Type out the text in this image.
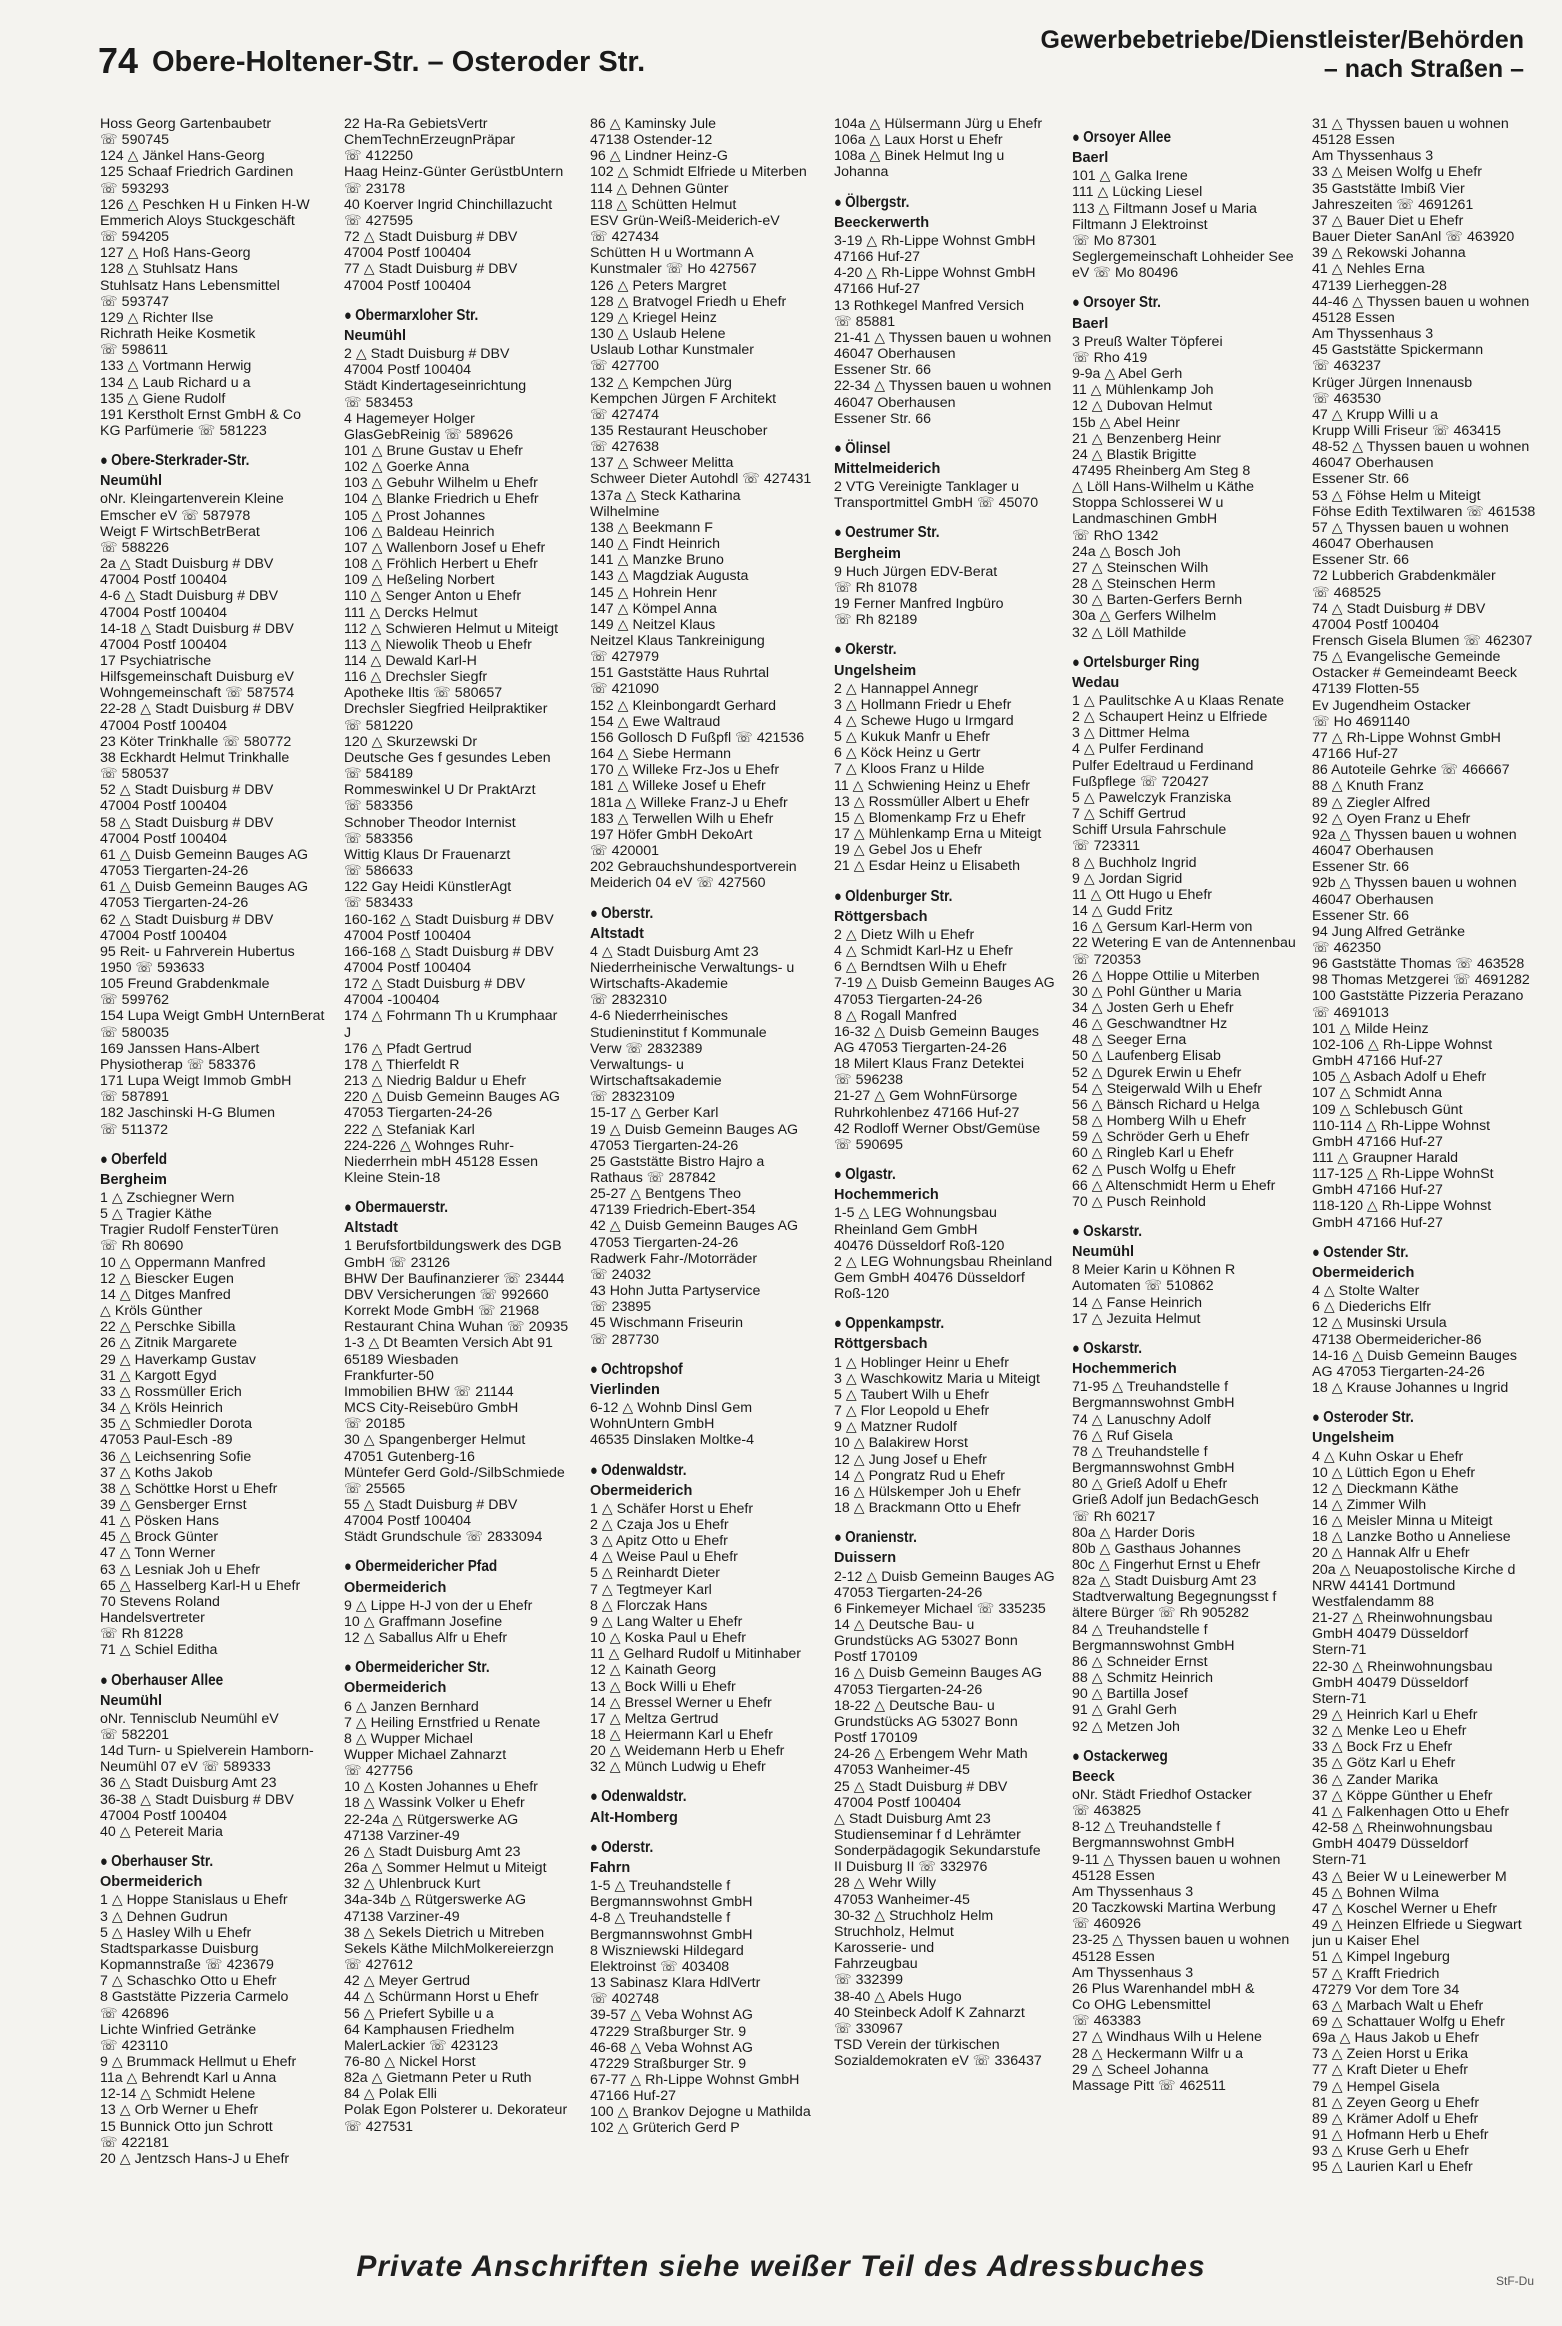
74 Obere-Holtener-Str. – Osteroder Str.
Gewerbebetriebe/Dienstleister/Behörden
– nach Straßen –
Hoss Georg Gartenbaubetr
☏ 590745
124 △ Jänkel Hans-Georg
125 Schaaf Friedrich Gardinen
☏ 593293
126 △ Peschken H u Finken H-W
Emmerich Aloys Stuckgeschäft
☏ 594205
127 △ Hoß Hans-Georg
128 △ Stuhlsatz Hans
Stuhlsatz Hans Lebensmittel
☏ 593747
129 △ Richter Ilse
Richrath Heike Kosmetik
☏ 598611
133 △ Vortmann Herwig
134 △ Laub Richard u a
135 △ Giene Rudolf
191 Kerstholt Ernst GmbH & Co
KG Parfümerie ☏ 581223
● Obere-Sterkrader-Str.
Neumühl
oNr. Kleingartenverein Kleine
Emscher eV ☏ 587978
Weigt F WirtschBetrBerat
☏ 588226
2a △ Stadt Duisburg # DBV
47004 Postf 100404
4-6 △ Stadt Duisburg # DBV
47004 Postf 100404
14-18 △ Stadt Duisburg # DBV
47004 Postf 100404
17 Psychiatrische
Hilfsgemeinschaft Duisburg eV
Wohngemeinschaft ☏ 587574
22-28 △ Stadt Duisburg # DBV
47004 Postf 100404
23 Köter Trinkhalle ☏ 580772
38 Eckhardt Helmut Trinkhalle
☏ 580537
52 △ Stadt Duisburg # DBV
47004 Postf 100404
58 △ Stadt Duisburg # DBV
47004 Postf 100404
61 △ Duisb Gemeinn Bauges AG
47053 Tiergarten-24-26
61 △ Duisb Gemeinn Bauges AG
47053 Tiergarten-24-26
62 △ Stadt Duisburg # DBV
47004 Postf 100404
95 Reit- u Fahrverein Hubertus
1950 ☏ 593633
105 Freund Grabdenkmale
☏ 599762
154 Lupa Weigt GmbH UnternBerat
☏ 580035
169 Janssen Hans-Albert
Physiotherap ☏ 583376
171 Lupa Weigt Immob GmbH
☏ 587891
182 Jaschinski H-G Blumen
☏ 511372
● Oberfeld
Bergheim
1 △ Zschiegner Wern
5 △ Tragier Käthe
Tragier Rudolf FensterTüren
☏ Rh 80690
10 △ Oppermann Manfred
12 △ Biescker Eugen
14 △ Ditges Manfred
△ Kröls Günther
22 △ Perschke Sibilla
26 △ Zitnik Margarete
29 △ Haverkamp Gustav
31 △ Kargott Egyd
33 △ Rossmüller Erich
34 △ Kröls Heinrich
35 △ Schmiedler Dorota
47053 Paul-Esch -89
36 △ Leichsenring Sofie
37 △ Koths Jakob
38 △ Schöttke Horst u Ehefr
39 △ Gensberger Ernst
41 △ Pösken Hans
45 △ Brock Günter
47 △ Tonn Werner
63 △ Lesniak Joh u Ehefr
65 △ Hasselberg Karl-H u Ehefr
70 Stevens Roland Handelsvertreter
☏ Rh 81228
71 △ Schiel Editha
● Oberhauser Allee
Neumühl
oNr. Tennisclub Neumühl eV
☏ 582201
14d Turn- u Spielverein Hamborn-
Neumühl 07 eV ☏ 589333
36 △ Stadt Duisburg Amt 23
36-38 △ Stadt Duisburg # DBV
47004 Postf 100404
40 △ Petereit Maria
● Oberhauser Str.
Obermeiderich
1 △ Hoppe Stanislaus u Ehefr
3 △ Dehnen Gudrun
5 △ Hasley Wilh u Ehefr
Stadtsparkasse Duisburg
Kopmannstraße ☏ 423679
7 △ Schaschko Otto u Ehefr
8 Gaststätte Pizzeria Carmelo
☏ 426896
Lichte Winfried Getränke
☏ 423110
9 △ Brummack Hellmut u Ehefr
11a △ Behrendt Karl u Anna
12-14 △ Schmidt Helene
13 △ Orb Werner u Ehefr
15 Bunnick Otto jun Schrott
☏ 422181
20 △ Jentzsch Hans-J u Ehefr
22 Ha-Ra GebietsVertr
ChemTechnErzeugnPräpar
☏ 412250
Haag Heinz-Günter GerüstbUntern
☏ 23178
40 Koerver Ingrid Chinchillazucht
☏ 427595
72 △ Stadt Duisburg # DBV
47004 Postf 100404
77 △ Stadt Duisburg # DBV
47004 Postf 100404
● Obermarxloher Str.
Neumühl
2 △ Stadt Duisburg # DBV
47004 Postf 100404
Städt Kindertageseinrichtung
☏ 583453
4 Hagemeyer Holger
GlasGebReinig ☏ 589626
101 △ Brune Gustav u Ehefr
102 △ Goerke Anna
103 △ Gebuhr Wilhelm u Ehefr
104 △ Blanke Friedrich u Ehefr
105 △ Prost Johannes
106 △ Baldeau Heinrich
107 △ Wallenborn Josef u Ehefr
108 △ Fröhlich Herbert u Ehefr
109 △ Heßeling Norbert
110 △ Senger Anton u Ehefr
111 △ Dercks Helmut
112 △ Schwieren Helmut u Miteigt
113 △ Niewolik Theob u Ehefr
114 △ Dewald Karl-H
116 △ Drechsler Siegfr
Apotheke Iltis ☏ 580657
Drechsler Siegfried Heilpraktiker
☏ 581220
120 △ Skurzewski Dr
Deutsche Ges f gesundes Leben
☏ 584189
Rommeswinkel U Dr PraktArzt
☏ 583356
Schnober Theodor Internist
☏ 583356
Wittig Klaus Dr Frauenarzt
☏ 586633
122 Gay Heidi KünstlerAgt
☏ 583433
160-162 △ Stadt Duisburg # DBV
47004 Postf 100404
166-168 △ Stadt Duisburg # DBV
47004 Postf 100404
172 △ Stadt Duisburg # DBV
47004 -100404
174 △ Fohrmann Th u Krumphaar
J
176 △ Pfadt Gertrud
178 △ Thierfeldt R
213 △ Niedrig Baldur u Ehefr
220 △ Duisb Gemeinn Bauges AG
47053 Tiergarten-24-26
222 △ Stefaniak Karl
224-226 △ Wohnges Ruhr-
Niederrhein mbH 45128 Essen
Kleine Stein-18
● Obermauerstr.
Altstadt
1 Berufsfortbildungswerk des DGB
GmbH ☏ 23126
BHW Der Baufinanzierer ☏ 23444
DBV Versicherungen ☏ 992660
Korrekt Mode GmbH ☏ 21968
Restaurant China Wuhan ☏ 20935
1-3 △ Dt Beamten Versich Abt 91
65189 Wiesbaden
Frankfurter-50
Immobilien BHW ☏ 21144
MCS City-Reisebüro GmbH
☏ 20185
30 △ Spangenberger Helmut
47051 Gutenberg-16
Müntefer Gerd Gold-/SilbSchmiede
☏ 25565
55 △ Stadt Duisburg # DBV
47004 Postf 100404
Städt Grundschule ☏ 2833094
● Obermeidericher Pfad
Obermeiderich
9 △ Lippe H-J von der u Ehefr
10 △ Graffmann Josefine
12 △ Saballus Alfr u Ehefr
● Obermeidericher Str.
Obermeiderich
6 △ Janzen Bernhard
7 △ Heiling Ernstfried u Renate
8 △ Wupper Michael
Wupper Michael Zahnarzt
☏ 427756
10 △ Kosten Johannes u Ehefr
18 △ Wassink Volker u Ehefr
22-24a △ Rütgerswerke AG
47138 Varziner-49
26 △ Stadt Duisburg Amt 23
26a △ Sommer Helmut u Miteigt
32 △ Uhlenbruck Kurt
34a-34b △ Rütgerswerke AG
47138 Varziner-49
38 △ Sekels Dietrich u Mitreben
Sekels Käthe MilchMolkereierzgn
☏ 427612
42 △ Meyer Gertrud
44 △ Schürmann Horst u Ehefr
56 △ Priefert Sybille u a
64 Kamphausen Friedhelm
MalerLackier ☏ 423123
76-80 △ Nickel Horst
82a △ Gietmann Peter u Ruth
84 △ Polak Elli
Polak Egon Polsterer u. Dekorateur
☏ 427531
86 △ Kaminsky Jule
47138 Ostender-12
96 △ Lindner Heinz-G
102 △ Schmidt Elfriede u Miterben
114 △ Dehnen Günter
118 △ Schütten Helmut
ESV Grün-Weiß-Meiderich-eV
☏ 427434
Schütten H u Wortmann A
Kunstmaler ☏ Ho 427567
126 △ Peters Margret
128 △ Bratvogel Friedh u Ehefr
129 △ Kriegel Heinz
130 △ Uslaub Helene
Uslaub Lothar Kunstmaler
☏ 427700
132 △ Kempchen Jürg
Kempchen Jürgen F Architekt
☏ 427474
135 Restaurant Heuschober
☏ 427638
137 △ Schweer Melitta
Schweer Dieter Autohdl ☏ 427431
137a △ Steck Katharina
Wilhelmine
138 △ Beekmann F
140 △ Findt Heinrich
141 △ Manzke Bruno
143 △ Magdziak Augusta
145 △ Hohrein Henr
147 △ Kömpel Anna
149 △ Neitzel Klaus
Neitzel Klaus Tankreinigung
☏ 427979
151 Gaststätte Haus Ruhrtal
☏ 421090
152 △ Kleinbongardt Gerhard
154 △ Ewe Waltraud
156 Gollosch D Fußpfl ☏ 421536
164 △ Siebe Hermann
170 △ Willeke Frz-Jos u Ehefr
181 △ Willeke Josef u Ehefr
181a △ Willeke Franz-J u Ehefr
183 △ Terwellen Wilh u Ehefr
197 Höfer GmbH DekoArt
☏ 420001
202 Gebrauchshundesportverein
Meiderich 04 eV ☏ 427560
● Oberstr.
Altstadt
4 △ Stadt Duisburg Amt 23
Niederrheinische Verwaltungs- u
Wirtschafts-Akademie
☏ 2832310
4-6 Niederrheinisches
Studieninstitut f Kommunale
Verw ☏ 2832389
Verwaltungs- u
Wirtschaftsakademie
☏ 28323109
15-17 △ Gerber Karl
19 △ Duisb Gemeinn Bauges AG
47053 Tiergarten-24-26
25 Gaststätte Bistro Hajro a
Rathaus ☏ 287842
25-27 △ Bentgens Theo
47139 Friedrich-Ebert-354
42 △ Duisb Gemeinn Bauges AG
47053 Tiergarten-24-26
Radwerk Fahr-/Motorräder
☏ 24032
43 Hohn Jutta Partyservice
☏ 23895
45 Wischmann Friseurin
☏ 287730
● Ochtropshof
Vierlinden
6-12 △ Wohnb Dinsl Gem
WohnUntern GmbH
46535 Dinslaken Moltke-4
● Odenwaldstr.
Obermeiderich
1 △ Schäfer Horst u Ehefr
2 △ Czaja Jos u Ehefr
3 △ Apitz Otto u Ehefr
4 △ Weise Paul u Ehefr
5 △ Reinhardt Dieter
7 △ Tegtmeyer Karl
8 △ Florczak Hans
9 △ Lang Walter u Ehefr
10 △ Koska Paul u Ehefr
11 △ Gelhard Rudolf u Mitinhaber
12 △ Kainath Georg
13 △ Bock Willi u Ehefr
14 △ Bressel Werner u Ehefr
17 △ Meltza Gertrud
18 △ Heiermann Karl u Ehefr
20 △ Weidemann Herb u Ehefr
32 △ Münch Ludwig u Ehefr
● Odenwaldstr.
Alt-Homberg
● Oderstr.
Fahrn
1-5 △ Treuhandstelle f
Bergmannswohnst GmbH
4-8 △ Treuhandstelle f
Bergmannswohnst GmbH
8 Wiszniewski Hildegard
Elektroinst ☏ 403408
13 Sabinasz Klara HdlVertr
☏ 402748
39-57 △ Veba Wohnst AG
47229 Straßburger Str. 9
46-68 △ Veba Wohnst AG
47229 Straßburger Str. 9
67-77 △ Rh-Lippe Wohnst GmbH
47166 Huf-27
100 △ Brankov Dejogne u Mathilda
102 △ Grüterich Gerd P
104a △ Hülsermann Jürg u Ehefr
106a △ Laux Horst u Ehefr
108a △ Binek Helmut Ing u
Johanna
● Ölbergstr.
Beeckerwerth
3-19 △ Rh-Lippe Wohnst GmbH
47166 Huf-27
4-20 △ Rh-Lippe Wohnst GmbH
47166 Huf-27
13 Rothkegel Manfred Versich
☏ 85881
21-41 △ Thyssen bauen u wohnen
46047 Oberhausen
Essener Str. 66
22-34 △ Thyssen bauen u wohnen
46047 Oberhausen
Essener Str. 66
● Ölinsel
Mittelmeiderich
2 VTG Vereinigte Tanklager u
Transportmittel GmbH ☏ 45070
● Oestrumer Str.
Bergheim
9 Huch Jürgen EDV-Berat
☏ Rh 81078
19 Ferner Manfred Ingbüro
☏ Rh 82189
● Okerstr.
Ungelsheim
2 △ Hannappel Annegr
3 △ Hollmann Friedr u Ehefr
4 △ Schewe Hugo u Irmgard
5 △ Kukuk Manfr u Ehefr
6 △ Köck Heinz u Gertr
7 △ Kloos Franz u Hilde
11 △ Schwiening Heinz u Ehefr
13 △ Rossmüller Albert u Ehefr
15 △ Blomenkamp Frz u Ehefr
17 △ Mühlenkamp Erna u Miteigt
19 △ Gebel Jos u Ehefr
21 △ Esdar Heinz u Elisabeth
● Oldenburger Str.
Röttgersbach
2 △ Dietz Wilh u Ehefr
4 △ Schmidt Karl-Hz u Ehefr
6 △ Berndtsen Wilh u Ehefr
7-19 △ Duisb Gemeinn Bauges AG
47053 Tiergarten-24-26
8 △ Rogall Manfred
16-32 △ Duisb Gemeinn Bauges
AG 47053 Tiergarten-24-26
18 Milert Klaus Franz Detektei
☏ 596238
21-27 △ Gem WohnFürsorge
Ruhrkohlenbez 47166 Huf-27
42 Rodloff Werner Obst/Gemüse
☏ 590695
● Olgastr.
Hochemmerich
1-5 △ LEG Wohnungsbau
Rheinland Gem GmbH
40476 Düsseldorf Roß-120
2 △ LEG Wohnungsbau Rheinland
Gem GmbH 40476 Düsseldorf
Roß-120
● Oppenkampstr.
Röttgersbach
1 △ Hoblinger Heinr u Ehefr
3 △ Waschkowitz Maria u Miteigt
5 △ Taubert Wilh u Ehefr
7 △ Flor Leopold u Ehefr
9 △ Matzner Rudolf
10 △ Balakirew Horst
12 △ Jung Josef u Ehefr
14 △ Pongratz Rud u Ehefr
16 △ Hülskemper Joh u Ehefr
18 △ Brackmann Otto u Ehefr
● Oranienstr.
Duissern
2-12 △ Duisb Gemeinn Bauges AG
47053 Tiergarten-24-26
6 Finkemeyer Michael ☏ 335235
14 △ Deutsche Bau- u
Grundstücks AG 53027 Bonn
Postf 170109
16 △ Duisb Gemeinn Bauges AG
47053 Tiergarten-24-26
18-22 △ Deutsche Bau- u
Grundstücks AG 53027 Bonn
Postf 170109
24-26 △ Erbengem Wehr Math
47053 Wanheimer-45
25 △ Stadt Duisburg # DBV
47004 Postf 100404
△ Stadt Duisburg Amt 23
Studienseminar f d Lehrämter
Sonderpädagogik Sekundarstufe
II Duisburg II ☏ 332976
28 △ Wehr Willy
47053 Wanheimer-45
30-32 △ Struchholz Helm
Struchholz, Helmut
Karosserie- und
Fahrzeugbau
☏ 332399
38-40 △ Abels Hugo
40 Steinbeck Adolf K Zahnarzt
☏ 330967
TSD Verein der türkischen
Sozialdemokraten eV ☏ 336437
● Orsoyer Allee
Baerl
101 △ Galka Irene
111 △ Lücking Liesel
113 △ Filtmann Josef u Maria
Filtmann J Elektroinst
☏ Mo 87301
Seglergemeinschaft Lohheider See
eV ☏ Mo 80496
● Orsoyer Str.
Baerl
3 Preuß Walter Töpferei
☏ Rho 419
9-9a △ Abel Gerh
11 △ Mühlenkamp Joh
12 △ Dubovan Helmut
15b △ Abel Heinr
21 △ Benzenberg Heinr
24 △ Blastik Brigitte
47495 Rheinberg Am Steg 8
△ Löll Hans-Wilhelm u Käthe
Stoppa Schlosserei W u
Landmaschinen GmbH
☏ RhO 1342
24a △ Bosch Joh
27 △ Steinschen Wilh
28 △ Steinschen Herm
30 △ Barten-Gerfers Bernh
30a △ Gerfers Wilhelm
32 △ Löll Mathilde
● Ortelsburger Ring
Wedau
1 △ Paulitschke A u Klaas Renate
2 △ Schaupert Heinz u Elfriede
3 △ Dittmer Helma
4 △ Pulfer Ferdinand
Pulfer Edeltraud u Ferdinand
Fußpflege ☏ 720427
5 △ Pawelczyk Franziska
7 △ Schiff Gertrud
Schiff Ursula Fahrschule
☏ 723311
8 △ Buchholz Ingrid
9 △ Jordan Sigrid
11 △ Ott Hugo u Ehefr
14 △ Gudd Fritz
16 △ Gersum Karl-Herm von
22 Wetering E van de Antennenbau
☏ 720353
26 △ Hoppe Ottilie u Miterben
30 △ Pohl Günther u Maria
34 △ Josten Gerh u Ehefr
46 △ Geschwandtner Hz
48 △ Seeger Erna
50 △ Laufenberg Elisab
52 △ Dgurek Erwin u Ehefr
54 △ Steigerwald Wilh u Ehefr
56 △ Bänsch Richard u Helga
58 △ Homberg Wilh u Ehefr
59 △ Schröder Gerh u Ehefr
60 △ Ringleb Karl u Ehefr
62 △ Pusch Wolfg u Ehefr
66 △ Altenschmidt Herm u Ehefr
70 △ Pusch Reinhold
● Oskarstr.
Neumühl
8 Meier Karin u Köhnen R
Automaten ☏ 510862
14 △ Fanse Heinrich
17 △ Jezuita Helmut
● Oskarstr.
Hochemmerich
71-95 △ Treuhandstelle f
Bergmannswohnst GmbH
74 △ Lanuschny Adolf
76 △ Ruf Gisela
78 △ Treuhandstelle f
Bergmannswohnst GmbH
80 △ Grieß Adolf u Ehefr
Grieß Adolf jun BedachGesch
☏ Rh 60217
80a △ Harder Doris
80b △ Gasthaus Johannes
80c △ Fingerhut Ernst u Ehefr
82a △ Stadt Duisburg Amt 23
Stadtverwaltung Begegnungsst f
ältere Bürger ☏ Rh 905282
84 △ Treuhandstelle f
Bergmannswohnst GmbH
86 △ Schneider Ernst
88 △ Schmitz Heinrich
90 △ Bartilla Josef
91 △ Grahl Gerh
92 △ Metzen Joh
● Ostackerweg
Beeck
oNr. Städt Friedhof Ostacker
☏ 463825
8-12 △ Treuhandstelle f
Bergmannswohnst GmbH
9-11 △ Thyssen bauen u wohnen
45128 Essen
Am Thyssenhaus 3
20 Taczkowski Martina Werbung
☏ 460926
23-25 △ Thyssen bauen u wohnen
45128 Essen
Am Thyssenhaus 3
26 Plus Warenhandel mbH &
Co OHG Lebensmittel
☏ 463383
27 △ Windhaus Wilh u Helene
28 △ Heckermann Wilfr u a
29 △ Scheel Johanna
Massage Pitt ☏ 462511
31 △ Thyssen bauen u wohnen
45128 Essen
Am Thyssenhaus 3
33 △ Meisen Wolfg u Ehefr
35 Gaststätte Imbiß Vier
Jahreszeiten ☏ 4691261
37 △ Bauer Diet u Ehefr
Bauer Dieter SanAnl ☏ 463920
39 △ Rekowski Johanna
41 △ Nehles Erna
47139 Lierheggen-28
44-46 △ Thyssen bauen u wohnen
45128 Essen
Am Thyssenhaus 3
45 Gaststätte Spickermann
☏ 463237
Krüger Jürgen Innenausb
☏ 463530
47 △ Krupp Willi u a
Krupp Willi Friseur ☏ 463415
48-52 △ Thyssen bauen u wohnen
46047 Oberhausen
Essener Str. 66
53 △ Föhse Helm u Miteigt
Föhse Edith Textilwaren ☏ 461538
57 △ Thyssen bauen u wohnen
46047 Oberhausen
Essener Str. 66
72 Lubberich Grabdenkmäler
☏ 468525
74 △ Stadt Duisburg # DBV
47004 Postf 100404
Frensch Gisela Blumen ☏ 462307
75 △ Evangelische Gemeinde
Ostacker # Gemeindeamt Beeck
47139 Flotten-55
Ev Jugendheim Ostacker
☏ Ho 4691140
77 △ Rh-Lippe Wohnst GmbH
47166 Huf-27
86 Autoteile Gehrke ☏ 466667
88 △ Knuth Franz
89 △ Ziegler Alfred
92 △ Oyen Franz u Ehefr
92a △ Thyssen bauen u wohnen
46047 Oberhausen
Essener Str. 66
92b △ Thyssen bauen u wohnen
46047 Oberhausen
Essener Str. 66
94 Jung Alfred Getränke
☏ 462350
96 Gaststätte Thomas ☏ 463528
98 Thomas Metzgerei ☏ 4691282
100 Gaststätte Pizzeria Perazano
☏ 4691013
101 △ Milde Heinz
102-106 △ Rh-Lippe Wohnst
GmbH 47166 Huf-27
105 △ Asbach Adolf u Ehefr
107 △ Schmidt Anna
109 △ Schlebusch Günt
110-114 △ Rh-Lippe Wohnst
GmbH 47166 Huf-27
111 △ Graupner Harald
117-125 △ Rh-Lippe WohnSt
GmbH 47166 Huf-27
118-120 △ Rh-Lippe Wohnst
GmbH 47166 Huf-27
● Ostender Str.
Obermeiderich
4 △ Stolte Walter
6 △ Diederichs Elfr
12 △ Musinski Ursula
47138 Obermeidericher-86
14-16 △ Duisb Gemeinn Bauges
AG 47053 Tiergarten-24-26
18 △ Krause Johannes u Ingrid
● Osteroder Str.
Ungelsheim
4 △ Kuhn Oskar u Ehefr
10 △ Lüttich Egon u Ehefr
12 △ Dieckmann Käthe
14 △ Zimmer Wilh
16 △ Meisler Minna u Miteigt
18 △ Lanzke Botho u Anneliese
20 △ Hannak Alfr u Ehefr
20a △ Neuapostolische Kirche d
NRW 44141 Dortmund
Westfalendamm 88
21-27 △ Rheinwohnungsbau
GmbH 40479 Düsseldorf
Stern-71
22-30 △ Rheinwohnungsbau
GmbH 40479 Düsseldorf
Stern-71
29 △ Heinrich Karl u Ehefr
32 △ Menke Leo u Ehefr
33 △ Bock Frz u Ehefr
35 △ Götz Karl u Ehefr
36 △ Zander Marika
37 △ Köppe Günther u Ehefr
41 △ Falkenhagen Otto u Ehefr
42-58 △ Rheinwohnungsbau
GmbH 40479 Düsseldorf
Stern-71
43 △ Beier W u Leinewerber M
45 △ Bohnen Wilma
47 △ Koschel Werner u Ehefr
49 △ Heinzen Elfriede u Siegwart
jun u Kaiser Ehel
51 △ Kimpel Ingeburg
57 △ Krafft Friedrich
47279 Vor dem Tore 34
63 △ Marbach Walt u Ehefr
69 △ Schattauer Wolfg u Ehefr
69a △ Haus Jakob u Ehefr
73 △ Zeien Horst u Erika
77 △ Kraft Dieter u Ehefr
79 △ Hempel Gisela
81 △ Zeyen Georg u Ehefr
89 △ Krämer Adolf u Ehefr
91 △ Hofmann Herb u Ehefr
93 △ Kruse Gerh u Ehefr
95 △ Laurien Karl u Ehefr
Private Anschriften siehe weißer Teil des Adressbuches	StF-Du
